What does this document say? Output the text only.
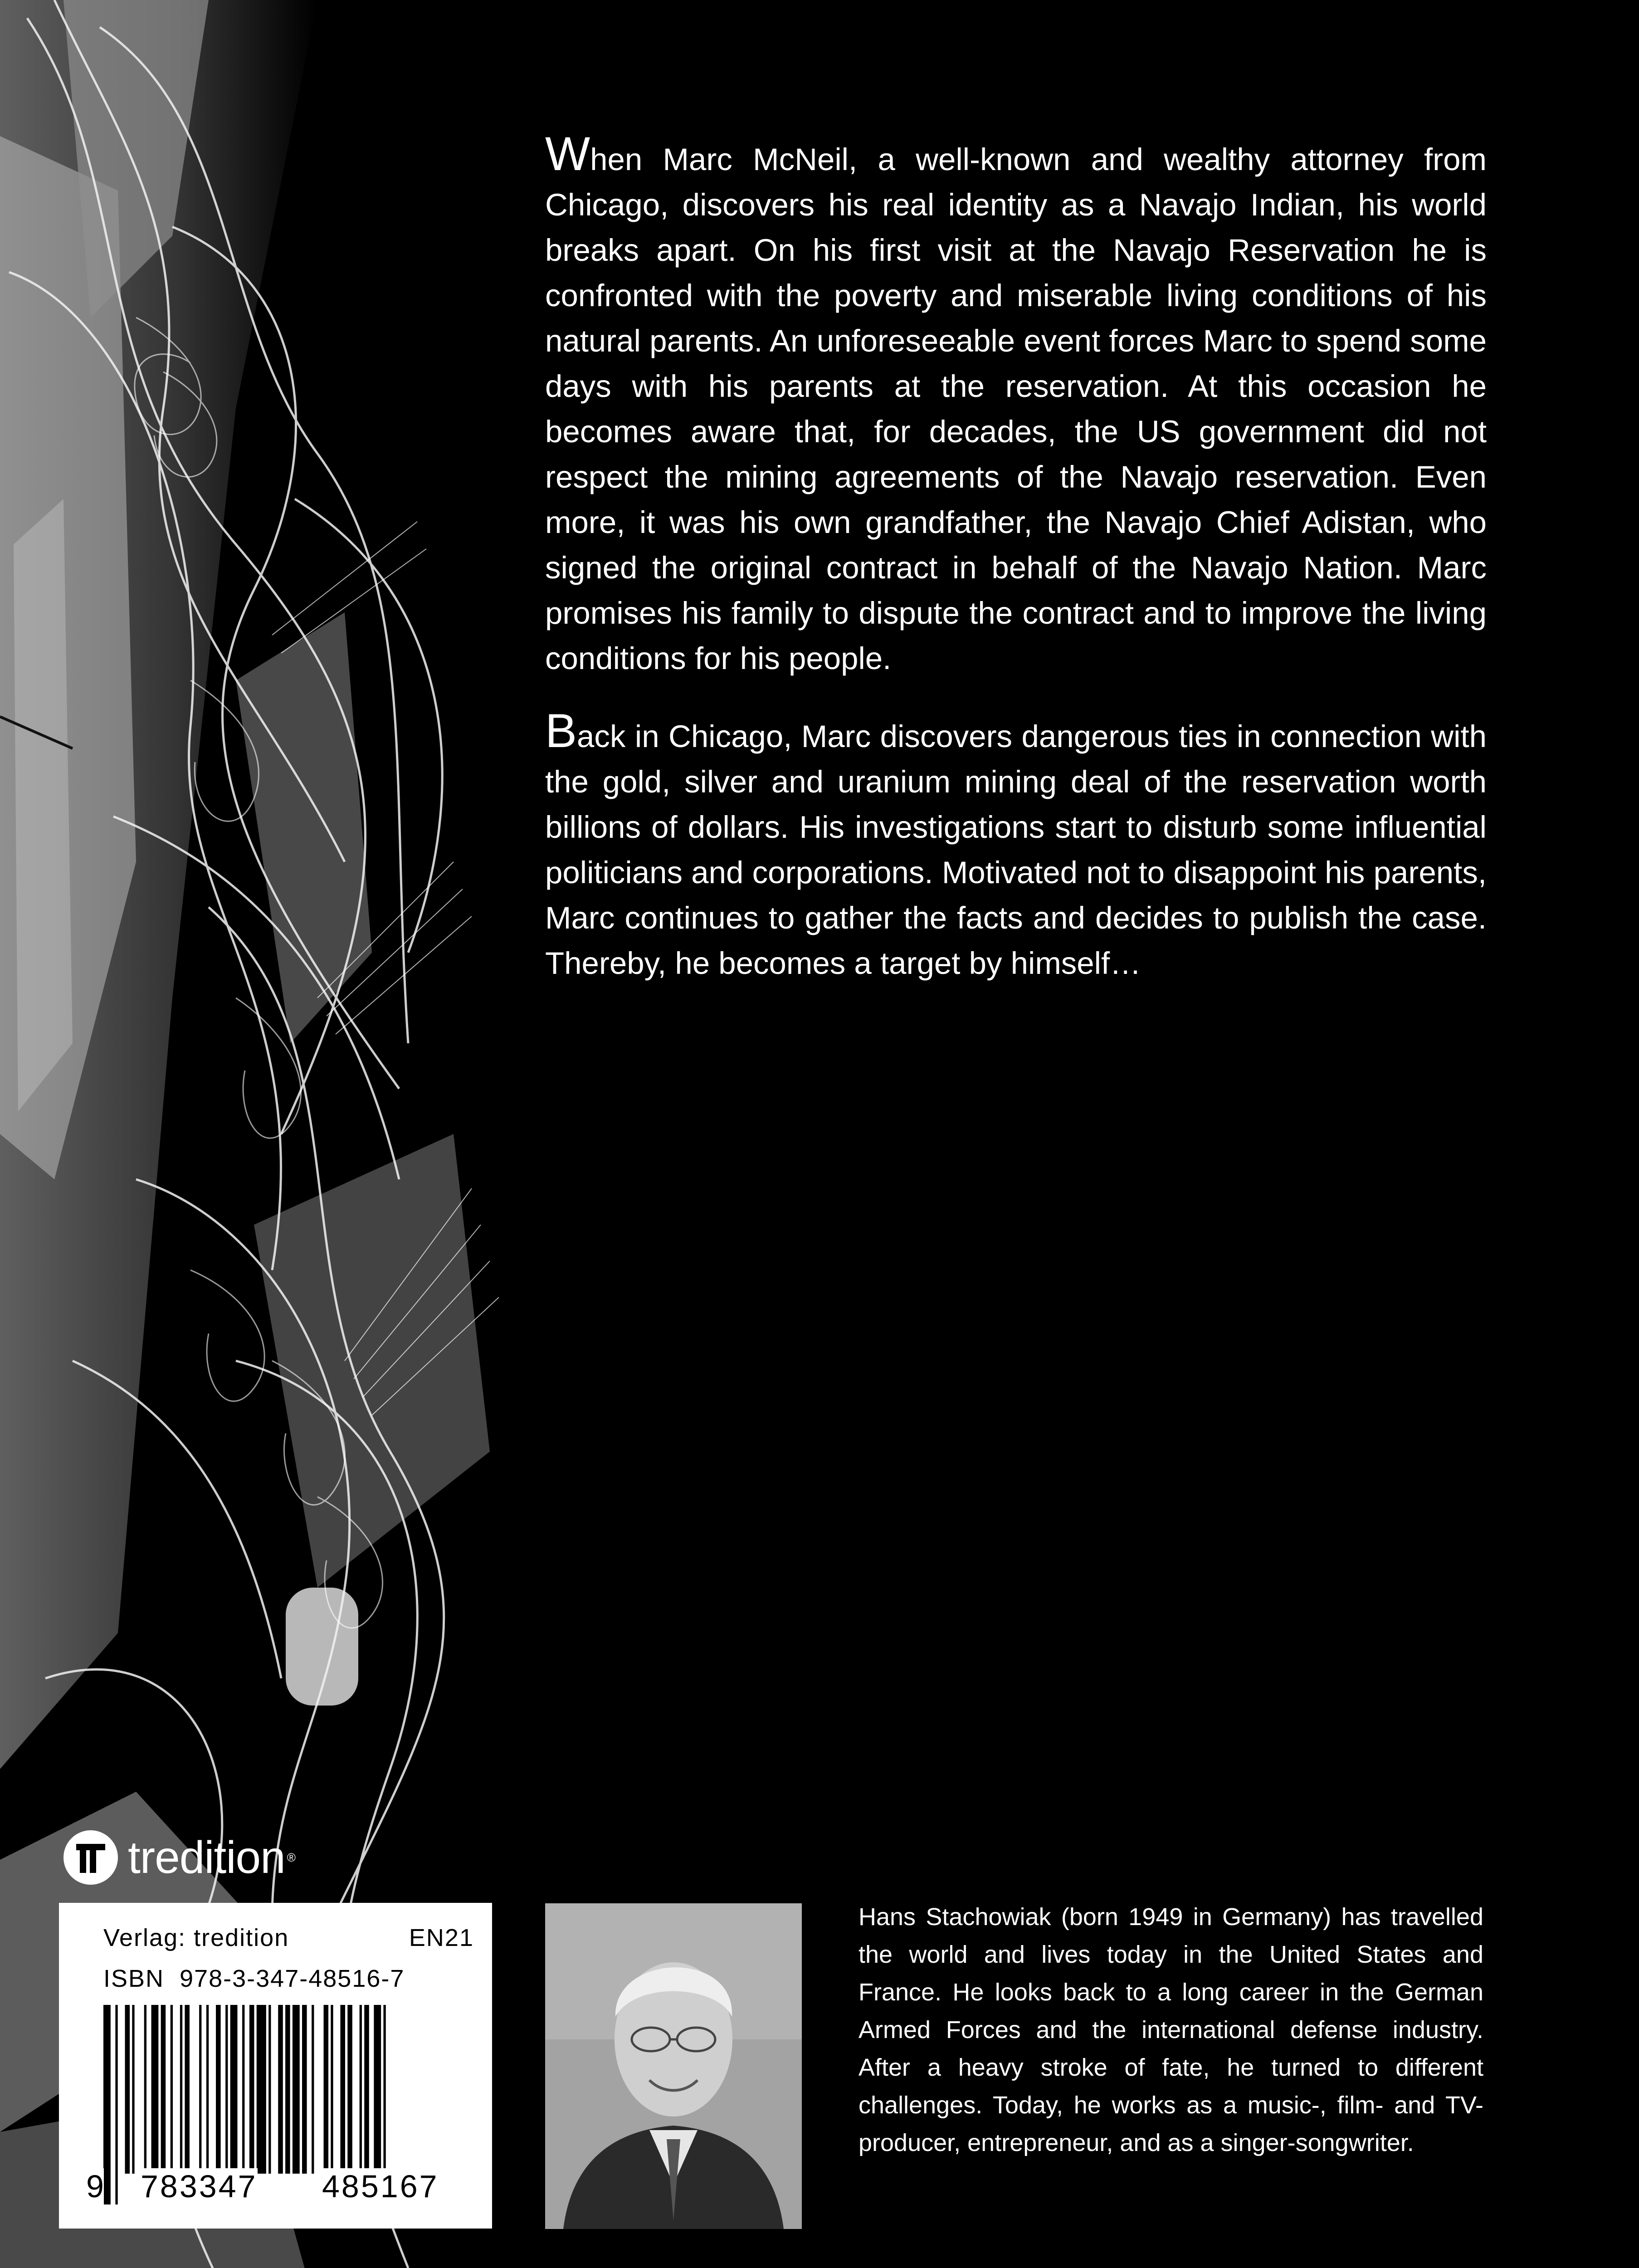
When Marc McNeil, a well-known and wealthy attorney from Chicago, discovers his real identity as a Navajo Indian, his world breaks apart. On his first visit at the Navajo Reservation he is confronted with the poverty and miserable living conditions of his natural parents. An unforeseeable event forces Marc to spend some days with his parents at the reservation. At this occasion he becomes aware that, for decades, the US government did not respect the mining agreements of the Navajo reservation. Even more, it was his own grandfather, the Navajo Chief Adistan, who signed the original contract in behalf of the Navajo Nation. Marc promises his family to dispute the contract and to improve the living conditions for his people.

Back in Chicago, Marc discovers dangerous ties in connection with the gold, silver and uranium mining deal of the reservation worth billions of dollars. His investigations start to disturb some influential politicians and corporations. Motivated not to disappoint his parents, Marc continues to gather the facts and decides to publish the case. Thereby, he becomes a target by himself…

tredition ®
Verlag: tredition	EN21
ISBN 978-3-347-48516-7
9 783347 485167

Hans Stachowiak (born 1949 in Germany) has travelled the world and lives today in the United States and France. He looks back to a long career in the German Armed Forces and the international defense industry. After a heavy stroke of fate, he turned to different challenges. Today, he works as a music-, film- and TV-producer, entrepreneur, and as a singer-songwriter.
